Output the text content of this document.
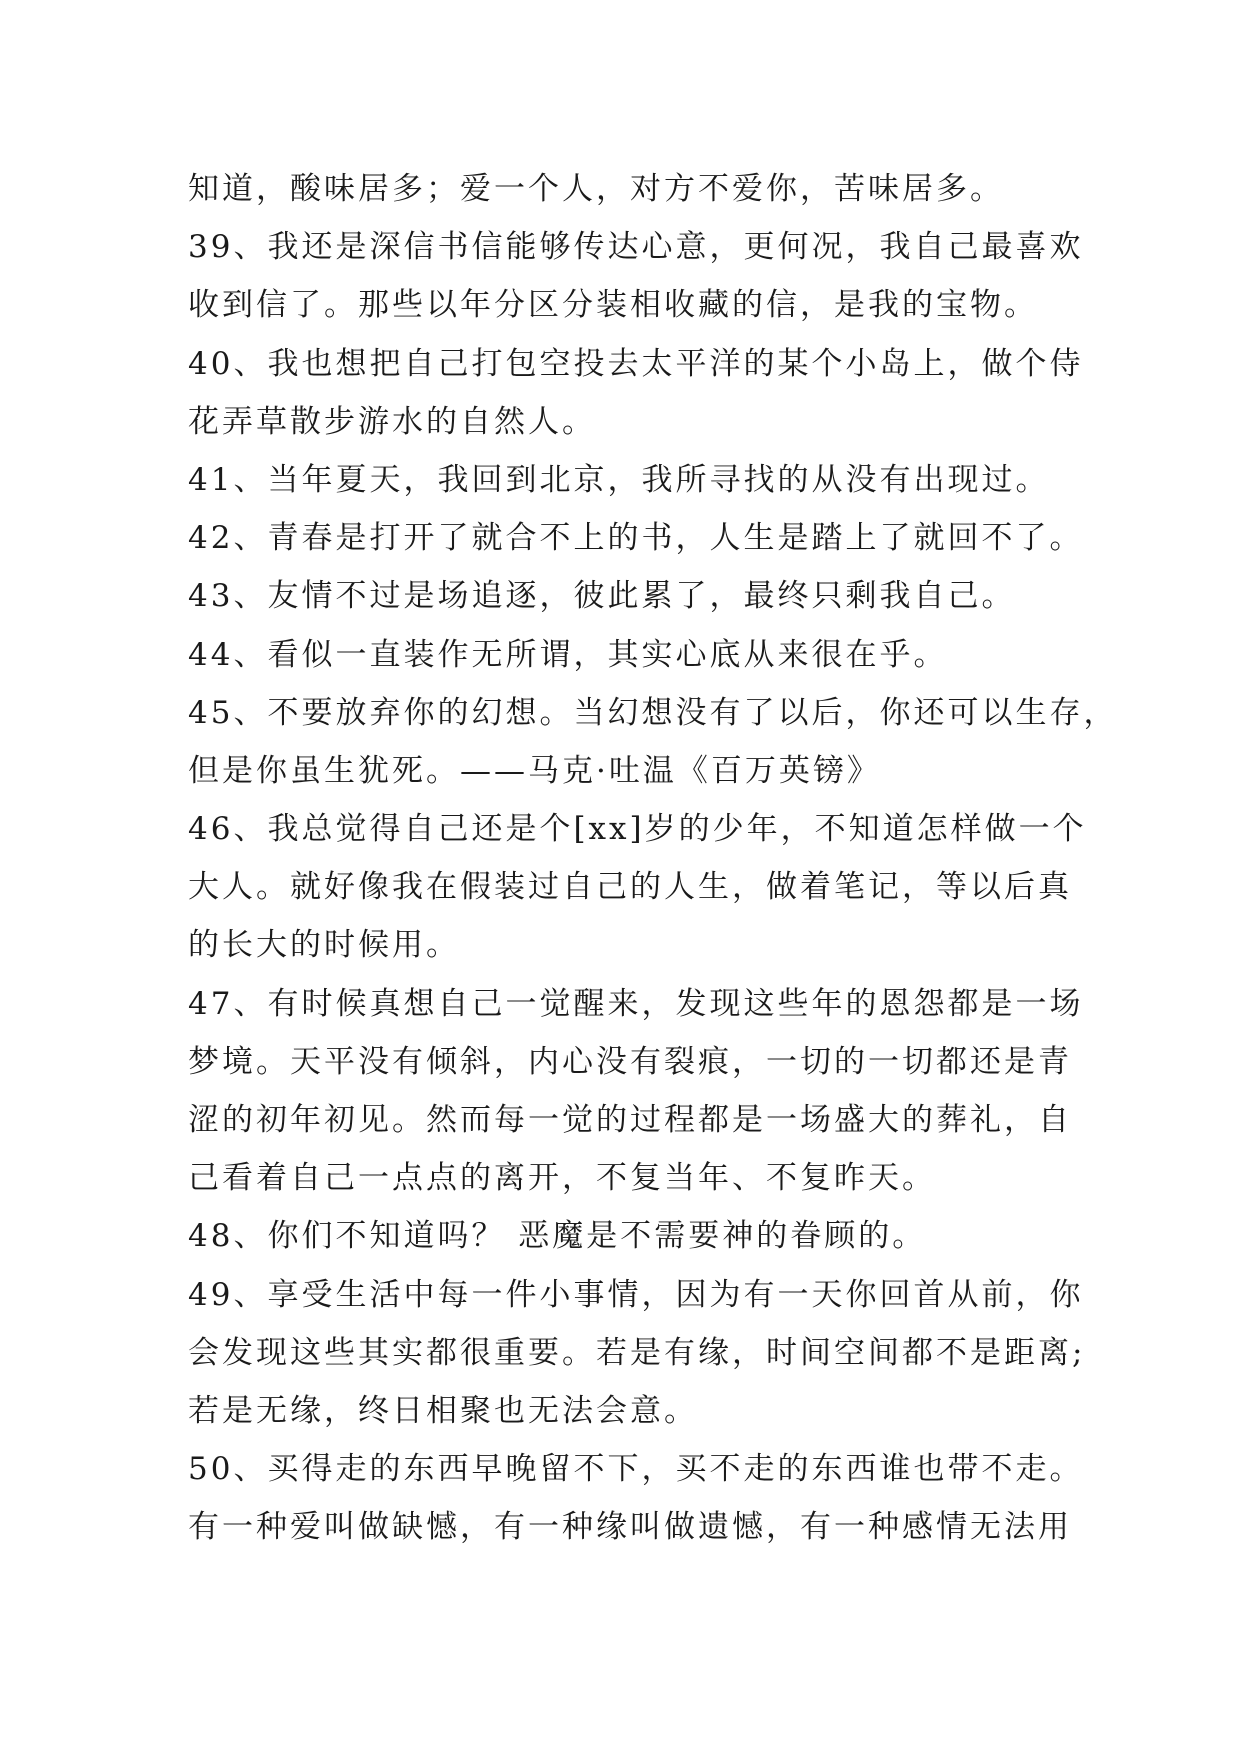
知道，酸味居多；爱一个人，对方不爱你，苦味居多。
39、我还是深信书信能够传达心意，更何况，我自己最喜欢
收到信了。那些以年分区分装相收藏的信，是我的宝物。
40、我也想把自己打包空投去太平洋的某个小岛上，做个侍
花弄草散步游水的自然人。
41、当年夏天，我回到北京，我所寻找的从没有出现过。
42、青春是打开了就合不上的书，人生是踏上了就回不了。
43、友情不过是场追逐，彼此累了，最终只剩我自己。
44、看似一直装作无所谓，其实心底从来很在乎。
45、不要放弃你的幻想。当幻想没有了以后，你还可以生存，
但是你虽生犹死。——马克·吐温《百万英镑》
46、我总觉得自己还是个[xx]岁的少年，不知道怎样做一个
大人。就好像我在假装过自己的人生，做着笔记，等以后真
的长大的时候用。
47、有时候真想自己一觉醒来，发现这些年的恩怨都是一场
梦境。天平没有倾斜，内心没有裂痕，一切的一切都还是青
涩的初年初见。然而每一觉的过程都是一场盛大的葬礼，自
己看着自己一点点的离开，不复当年、不复昨天。
48、你们不知道吗？ 恶魔是不需要神的眷顾的。
49、享受生活中每一件小事情，因为有一天你回首从前，你
会发现这些其实都很重要。若是有缘，时间空间都不是距离;
若是无缘，终日相聚也无法会意。
50、买得走的东西早晚留不下，买不走的东西谁也带不走。
有一种爱叫做缺憾，有一种缘叫做遗憾，有一种感情无法用
